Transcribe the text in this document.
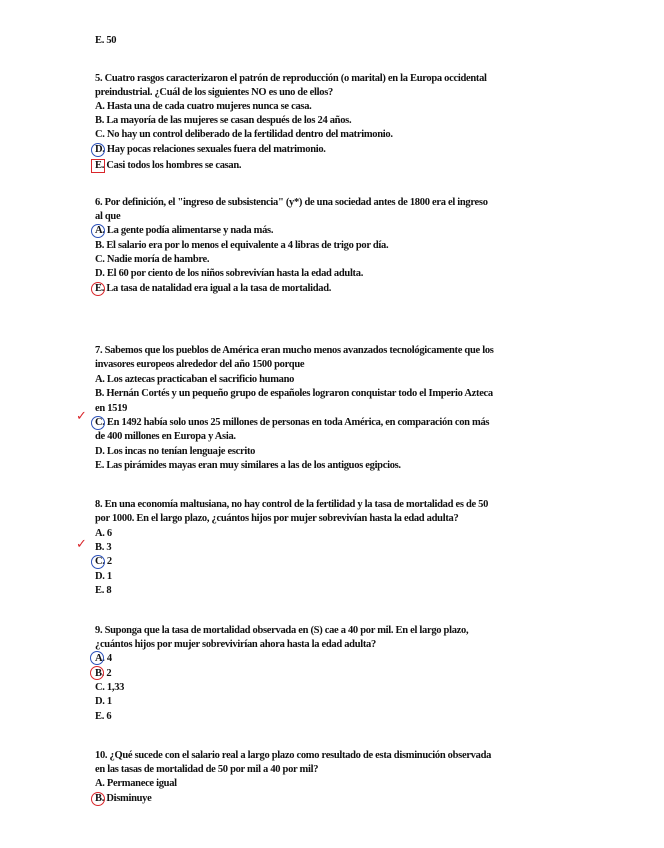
E. 50
5. Cuatro rasgos caracterizaron el patrón de reproducción (o marital) en la Europa occidental
preindustrial. ¿Cuál de los siguientes NO es uno de ellos?
A. Hasta una de cada cuatro mujeres nunca se casa.
B. La mayoría de las mujeres se casan después de los 24 años.
C. No hay un control deliberado de la fertilidad dentro del matrimonio.
D. Hay pocas relaciones sexuales fuera del matrimonio.
E. Casi todos los hombres se casan.
6. Por definición, el "ingreso de subsistencia" (y*) de una sociedad antes de 1800 era el ingreso
al que
A. La gente podía alimentarse y nada más.
B. El salario era por lo menos el equivalente a 4 libras de trigo por día.
C. Nadie moría de hambre.
D. El 60 por ciento de los niños sobrevivían hasta la edad adulta.
E. La tasa de natalidad era igual a la tasa de mortalidad.
7. Sabemos que los pueblos de América eran mucho menos avanzados tecnológicamente que los
invasores europeos alrededor del año 1500 porque
A. Los aztecas practicaban el sacrificio humano
B. Hernán Cortés y un pequeño grupo de españoles lograron conquistar todo el Imperio Azteca
en 1519
C. En 1492 había solo unos 25 millones de personas en toda América, en comparación con más
de 400 millones en Europa y Asia.
D. Los incas no tenían lenguaje escrito
E. Las pirámides mayas eran muy similares a las de los antiguos egipcios.
✓
8. En una economía maltusiana, no hay control de la fertilidad y la tasa de mortalidad es de 50
por 1000. En el largo plazo, ¿cuántos hijos por mujer sobrevivían hasta la edad adulta?
A. 6
B. 3
C. 2
D. 1
E. 8
✓
9. Suponga que la tasa de mortalidad observada en (S) cae a 40 por mil. En el largo plazo,
¿cuántos hijos por mujer sobrevivirían ahora hasta la edad adulta?
A. 4
B. 2
C. 1,33
D. 1
E. 6
10. ¿Qué sucede con el salario real a largo plazo como resultado de esta disminución observada
en las tasas de mortalidad de 50 por mil a 40 por mil?
A. Permanece igual
B. Disminuye
